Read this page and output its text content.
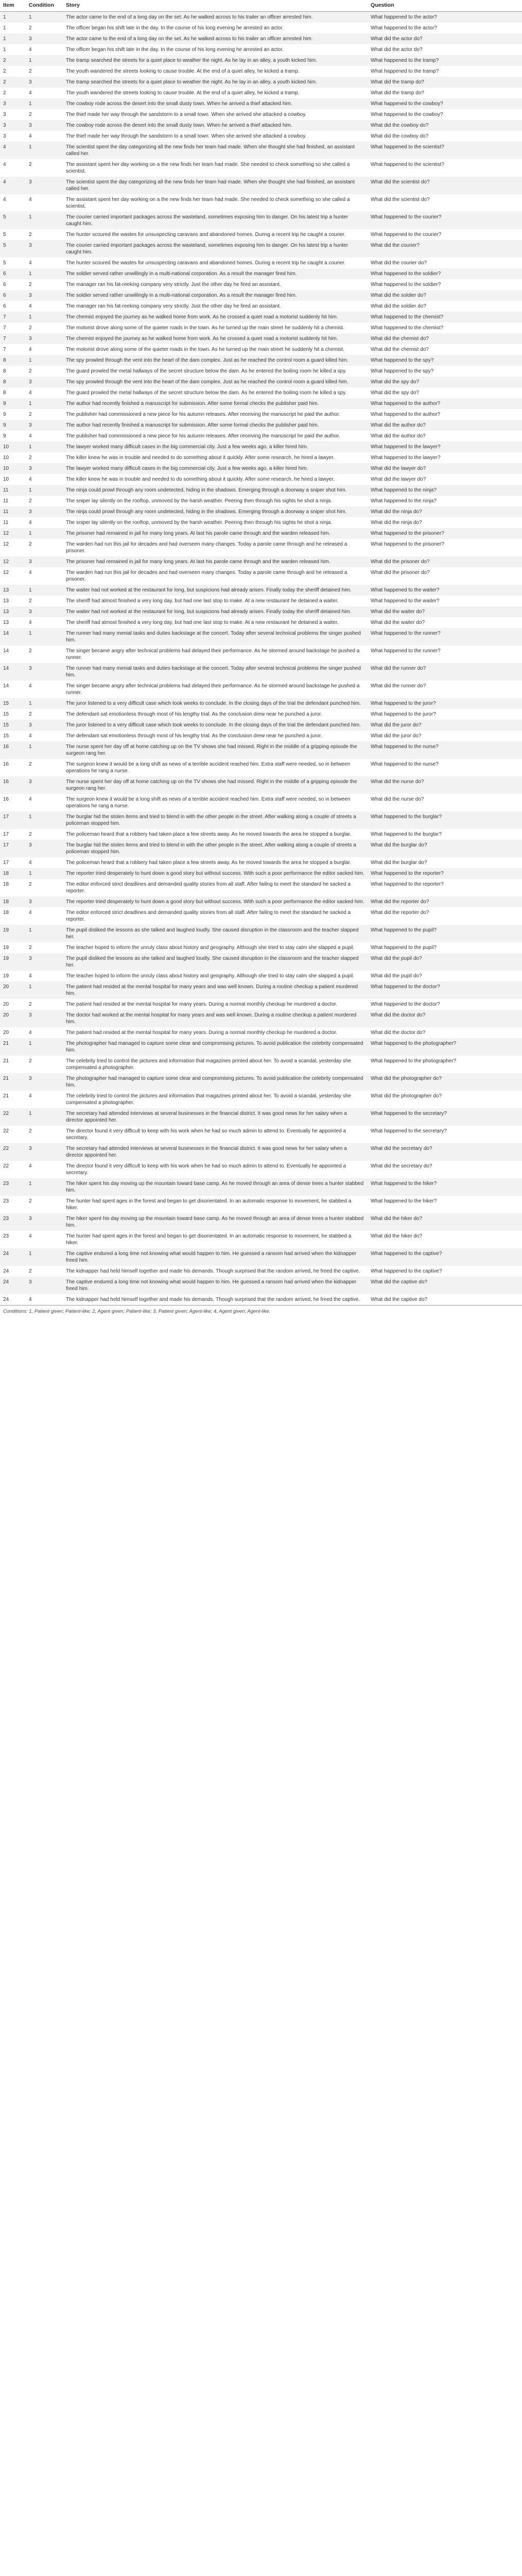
Item	Condition	Story	Question
1	1	The actor came to the end of a long day on the set. As he walked across to his trailer an officer arrested him.	What happened to the actor?
1	2	The officer began his shift late in the day. In the course of his long evening he arrested an actor.	What happened to the actor?
1	3	The actor came to the end of a long day on the set. As he walked across to his trailer an officer arrested him.	What did the actor do?
1	4	The officer began his shift late in the day. In the course of his long evening he arrested an actor.	What did the actor do?
2	1	The tramp searched the streets for a quiet place to weather the night. As he lay in an alley, a youth kicked him.	What happened to the tramp?
2	2	The youth wandered the streets looking to cause trouble. At the end of a quiet alley, he kicked a tramp.	What happened to the tramp?
2	3	The tramp searched the streets for a quiet place to weather the night. As he lay in an alley, a youth kicked him.	What did the tramp do?
2	4	The youth wandered the streets looking to cause trouble. At the end of a quiet alley, he kicked a tramp.	What did the tramp do?
3	1	The cowboy rode across the desert into the small dusty town. When he arrived a thief attacked him.	What happened to the cowboy?
3	2	The thief made her way through the sandstorm to a small town. When she arrived she attacked a cowboy.	What happened to the cowboy?
3	3	The cowboy rode across the desert into the small dusty town. When he arrived a thief attacked him.	What did the cowboy do?
3	4	The thief made her way through the sandstorm to a small town. When she arrived she attacked a cowboy.	What did the cowboy do?
4	1	The scientist spent the day categorizing all the new finds her team had made. When she thought she had finished, an assistant called her.	What happened to the scientist?
4	2	The assistant spent her day working on a the new finds her team had made. She needed to check something so she called a scientist.	What happened to the scientist?
4	3	The scientist spent the day categorizing all the new finds her team had made. When she thought she had finished, an assistant called her.	What did the scientist do?
4	4	The assistant spent her day working on a the new finds her team had made. She needed to check something so she called a scientist.	What did the scientist do?
5	1	The courier carried important packages across the wasteland, sometimes exposing him to danger. On his latest trip a hunter caught him.	What happened to the courier?
5	2	The hunter scoured the wastes for unsuspecting caravans and abandoned homes. During a recent trip he caught a courier.	What happened to the courier?
5	3	The courier carried important packages across the wasteland, sometimes exposing him to danger. On his latest trip a hunter caught him.	What did the courier?
5	4	The hunter scoured the wastes for unsuspecting caravans and abandoned homes. During a recent trip he caught a courier.	What did the courier do?
6	1	The soldier served rather unwillingly in a multi-national corporation. As a result the manager fired him.	What happened to the soldier?
6	2	The manager ran his fat-reeking company very strictly. Just the other day he fired an assistant.	What happened to the soldier?
6	3	The soldier served rather unwillingly in a multi-national corporation. As a result the manager fired him.	What did the soldier do?
6	4	The manager ran his fat-reeking company very strictly. Just the other day he fired an assistant.	What did the soldier do?
7	1	The chemist enjoyed the journey as he walked home from work. As he crossed a quiet road a motorist suddenly hit him.	What happened to the chemist?
7	2	The motorist drove along some of the quieter roads in the town. As he turned up the main street he suddenly hit a chemist.	What happened to the chemist?
7	3	The chemist enjoyed the journey as he walked home from work. As he crossed a quiet road a motorist suddenly hit him.	What did the chemist do?
7	4	The motorist drove along some of the quieter roads in the town. As he turned up the main street he suddenly hit a chemist.	What did the chemist do?
8	1	The spy prowled through the vent into the heart of the dam complex. Just as he reached the control room a guard killed him.	What happened to the spy?
8	2	The guard prowled the metal hallways of the secret structure below the dam. As he entered the boiling room he killed a spy.	What happened to the spy?
8	3	The spy prowled through the vent into the heart of the dam complex. Just as he reached the control room a guard killed him.	What did the spy do?
8	4	The guard prowled the metal hallways of the secret structure below the dam. As he entered the boiling room he killed a spy.	What did the spy do?
9	1	The author had recently finished a manuscript for submission. After some formal checks the publisher paid him.	What happened to the author?
9	2	The publisher had commissioned a new piece for his autumn releases. After receiving the manuscript he paid the author.	What happened to the author?
9	3	The author had recently finished a manuscript for submission. After some formal checks the publisher paid him.	What did the author do?
9	4	The publisher had commissioned a new piece for his autumn releases. After receiving the manuscript he paid the author.	What did the author do?
10	1	The lawyer worked many difficult cases in the big commercial city. Just a few weeks ago, a killer hired him.	What happened to the lawyer?
10	2	The killer knew he was in trouble and needed to do something about it quickly. After some research, he hired a lawyer.	What happened to the lawyer?
10	3	The lawyer worked many difficult cases in the big commercial city. Just a few weeks ago, a killer hired him.	What did the lawyer do?
10	4	The killer knew he was in trouble and needed to do something about it quickly. After some research, he hired a lawyer.	What did the lawyer do?
11	1	The ninja could prowl through any room undetected, hiding in the shadows. Emerging through a doorway a sniper shot him.	What happened to the ninja?
11	2	The sniper lay silently on the rooftop, unmoved by the harsh weather. Peering then through his sights he shot a ninja.	What happened to the ninja?
11	3	The ninja could prowl through any room undetected, hiding in the shadows. Emerging through a doorway a sniper shot him.	What did the ninja do?
11	4	The sniper lay silently on the rooftop, unmoved by the harsh weather. Peering then through his sights he shot a ninja.	What did the ninja do?
12	1	The prisoner had remained in jail for many long years. At last his parole came through and the warden released him.	What happened to the prisoner?
12	2	The warden had run this jail for decades and had overseen many changes. Today a parole came through and he released a prisoner.	What happened to the prisoner?
12	3	The prisoner had remained in jail for many long years. At last his parole came through and the warden released him.	What did the prisoner do?
12	4	The warden had run this jail for decades and had overseen many changes. Today a parole came through and he released a prisoner.	What did the prisoner do?
13	1	The waiter had not worked at the restaurant for long, but suspicions had already arisen. Finally today the sheriff detained him.	What happened to the waiter?
13	2	The sheriff had almost finished a very long day, but had one last stop to make. At a new restaurant he detained a waiter.	What happened to the waiter?
13	3	The waiter had not worked at the restaurant for long, but suspicions had already arisen. Finally today the sheriff detained him.	What did the waiter do?
13	4	The sheriff had almost finished a very long day, but had one last stop to make. At a new restaurant he detained a waiter.	What did the waiter do?
14	1	The runner had many menial tasks and duties backstage at the concert. Today after several technical problems the singer pushed him.	What happened to the runner?
14	2	The singer became angry after technical problems had delayed their performance. As he stormed around backstage he pushed a runner.	What happened to the runner?
14	3	The runner had many menial tasks and duties backstage at the concert. Today after several technical problems the singer pushed him.	What did the runner do?
14	4	The singer became angry after technical problems had delayed their performance. As he stormed around backstage he pushed a runner.	What did the runner do?
15	1	The juror listened to a very difficult case which took weeks to conclude. In the closing days of the trial the defendant punched him.	What happened to the juror?
15	2	The defendant sat emotionless through most of his lengthy trial. As the conclusion drew near he punched a juror.	What happened to the juror?
15	3	The juror listened to a very difficult case which took weeks to conclude. In the closing days of the trial the defendant punched him.	What did the juror do?
15	4	The defendant sat emotionless through most of his lengthy trial. As the conclusion drew near he punched a juror.	What did the juror do?
16	1	The nurse spent her day off at home catching up on the TV shows she had missed. Right in the middle of a gripping episode the surgeon rang her.	What happened to the nurse?
16	2	The surgeon knew it would be a long shift as news of a terrible accident reached him. Extra staff were needed, so in between operations he rang a nurse.	What happened to the nurse?
16	3	The nurse spent her day off at home catching up on the TV shows she had missed. Right in the middle of a gripping episode the surgeon rang her.	What did the nurse do?
16	4	The surgeon knew it would be a long shift as news of a terrible accident reached him. Extra staff were needed, so in between operations he rang a nurse.	What did the nurse do?
17	1	The burglar hid the stolen items and tried to blend in with the other people in the street. After walking along a couple of streets a policeman stopped him.	What happened to the burglar?
17	2	The policeman heard that a robbery had taken place a few streets away. As he moved towards the area he stopped a burglar.	What happened to the burglar?
17	3	The burglar hid the stolen items and tried to blend in with the other people in the street. After walking along a couple of streets a policeman stopped him.	What did the burglar do?
17	4	The policeman heard that a robbery had taken place a few streets away. As he moved towards the area he stopped a burglar.	What did the burglar do?
18	1	The reporter tried desperately to hunt down a good story but without success. With such a poor performance the editor sacked him.	What happened to the reporter?
18	2	The editor enforced strict deadlines and demanded quality stories from all staff. After failing to meet the standard he sacked a reporter.	What happened to the reporter?
18	3	The reporter tried desperately to hunt down a good story but without success. With such a poor performance the editor sacked him.	What did the reporter do?
18	4	The editor enforced strict deadlines and demanded quality stories from all staff. After failing to meet the standard he sacked a reporter.	What did the reporter do?
19	1	The pupil disliked the lessons as she talked and laughed loudly. She caused disruption in the classroom and the teacher slapped her.	What happened to the pupil?
19	2	The teacher hoped to inform the unruly class about history and geography. Although she tried to stay calm she slapped a pupil.	What happened to the pupil?
19	3	The pupil disliked the lessons as she talked and laughed loudly. She caused disruption in the classroom and the teacher slapped her.	What did the pupil do?
19	4	The teacher hoped to inform the unruly class about history and geography. Although she tried to stay calm she slapped a pupil.	What did the pupil do?
20	1	The patient had resided at the mental hospital for many years and was well known. During a routine checkup a patient murdered him.	What happened to the doctor?
20	2	The patient had resided at the mental hospital for many years. During a normal monthly checkup he murdered a doctor.	What happened to the doctor?
20	3	The doctor had worked at the mental hospital for many years and was well known. During a routine checkup a patient murdered him.	What did the doctor do?
20	4	The patient had resided at the mental hospital for many years. During a normal monthly checkup he murdered a doctor.	What did the doctor do?
21	1	The photographer had managed to capture some clear and compromising pictures. To avoid publication the celebrity compensated him.	What happened to the photographer?
21	2	The celebrity tried to control the pictures and information that magazines printed about her. To avoid a scandal, yesterday she compensated a photographer.	What happened to the photographer?
21	3	The photographer had managed to capture some clear and compromising pictures. To avoid publication the celebrity compensated him.	What did the photographer do?
21	4	The celebrity tried to control the pictures and information that magazines printed about her. To avoid a scandal, yesterday she compensated a photographer.	What did the photographer do?
22	1	The secretary had attended interviews at several businesses in the financial district. It was good news for her salary when a director appointed her.	What happened to the secretary?
22	2	The director found it very difficult to keep with his work when he had so much admin to attend to. Eventually he appointed a secretary.	What happened to the secretary?
22	3	The secretary had attended interviews at several businesses in the financial district. It was good news for her salary when a director appointed her.	What did the secretary do?
22	4	The director found it very difficult to keep with his work when he had so much admin to attend to. Eventually he appointed a secretary.	What did the secretary do?
23	1	The hiker spent his day moving up the mountain toward base camp. As he moved through an area of dense trees a hunter stabbed him.	What happened to the hiker?
23	2	The hunter had spent ages in the forest and began to get disorientated. In an automatic response to movement, he stabbed a hiker.	What happened to the hiker?
23	3	The hiker spent his day moving up the mountain toward base camp. As he moved through an area of dense trees a hunter stabbed him.	What did the hiker do?
23	4	The hunter had spent ages in the forest and began to get disorientated. In an automatic response to movement, he stabbed a hiker.	What did the hiker do?
24	1	The captive endured a long time not knowing what would happen to him. He guessed a ransom had arrived when the kidnapper freed him.	What happened to the captive?
24	2	The kidnapper had held himself together and made his demands. Though surprised that the random arrived, he freed the captive.	What happened to the captive?
24	3	The captive endured a long time not knowing what would happen to him. He guessed a ransom had arrived when the kidnapper freed him.	What did the captive do?
24	4	The kidnapper had held himself together and made his demands. Though surprised that the random arrived, he freed the captive.	What did the captive do?
Conditions: 1, Patient given; Patient-like; 2, Agent given; Patient-like; 3, Patient given; Agent-like; 4, Agent given; Agent-like.
